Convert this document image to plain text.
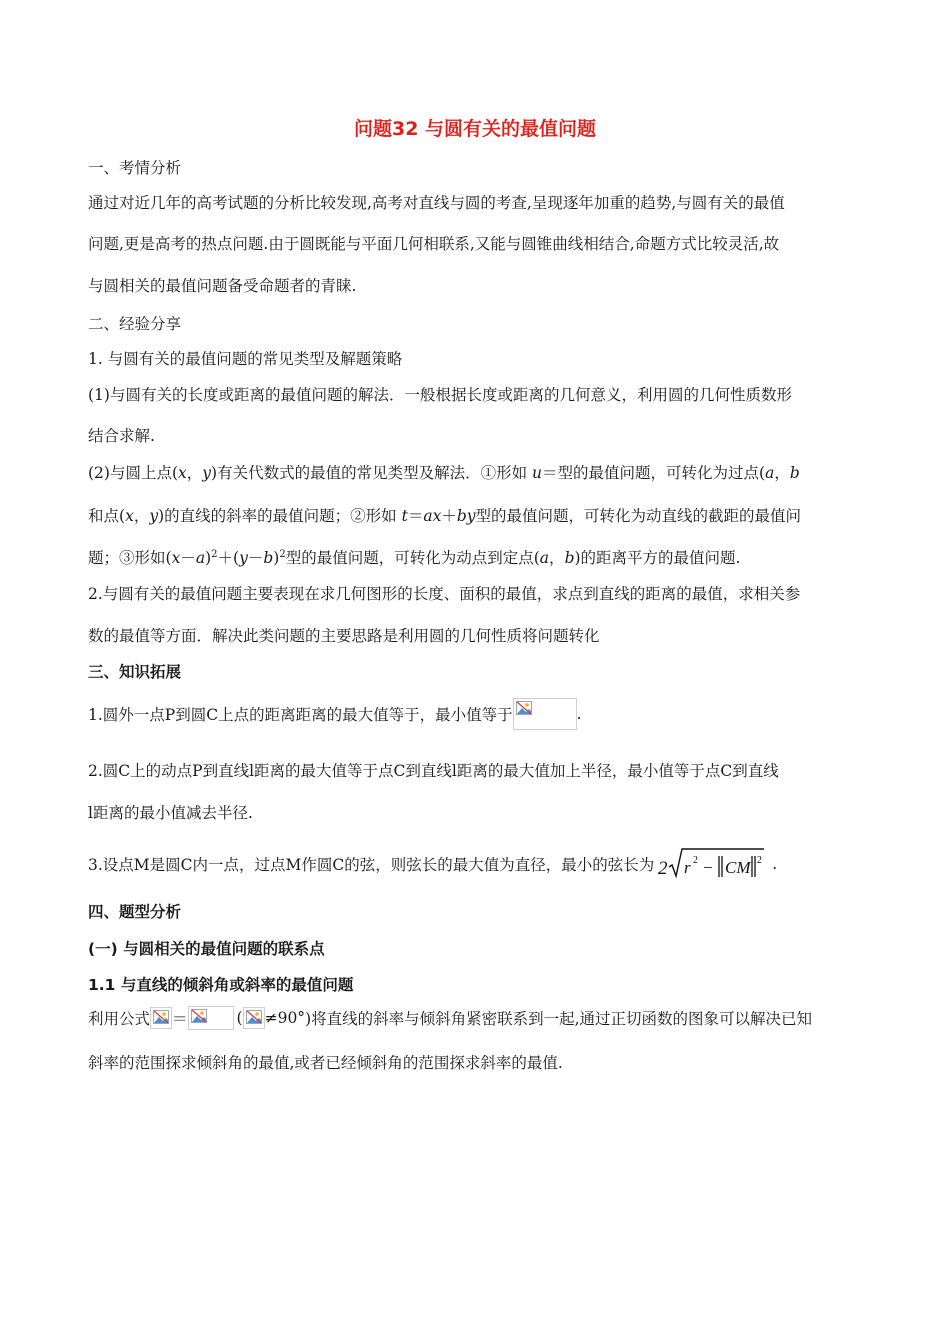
问题32 与圆有关的最值问题
一、考情分析
通过对近几年的高考试题的分析比较发现,高考对直线与圆的考查,呈现逐年加重的趋势,与圆有关的最值
问题,更是高考的热点问题.由于圆既能与平面几何相联系,又能与圆锥曲线相结合,命题方式比较灵活,故
与圆相关的最值问题备受命题者的青睐.
二、经验分享
1. 与圆有关的最值问题的常见类型及解题策略
(1)与圆有关的长度或距离的最值问题的解法．一般根据长度或距离的几何意义，利用圆的几何性质数形
结合求解.
(2)与圆上点(x，y)有关代数式的最值的常见类型及解法．①形如 u＝型的最值问题，可转化为过点(a，b
和点(x，y)的直线的斜率的最值问题；②形如 t＝ax＋by型的最值问题，可转化为动直线的截距的最值问
题；③形如$(x-a)^2+(y-b)^2$型的最值问题，可转化为动点到定点(a，b)的距离平方的最值问题.
2.与圆有关的最值问题主要表现在求几何图形的长度、面积的最值，求点到直线的距离的最值，求相关参
数的最值等方面．解决此类问题的主要思路是利用圆的几何性质将问题转化
三、知识拓展
1.圆外一点P到圆C上点的距离距离的最大值等于，最小值等于	.
2.圆C上的动点P到直线l距离的最大值等于点C到直线l距离的最大值加上半径，最小值等于点C到直线
l距离的最小值减去半径.
3.设点M是圆C内一点，过点M作圆C的弦，则弦长的最大值为直径，最小的弦长为 2 r 2 − CM 2 .
四、题型分析
(一) 与圆相关的最值问题的联系点
1.1 与直线的倾斜角或斜率的最值问题
利用公式 ＝	( ≠90°)将直线的斜率与倾斜角紧密联系到一起,通过正切函数的图象可以解决已知
斜率的范围探求倾斜角的最值,或者已经倾斜角的范围探求斜率的最值.
